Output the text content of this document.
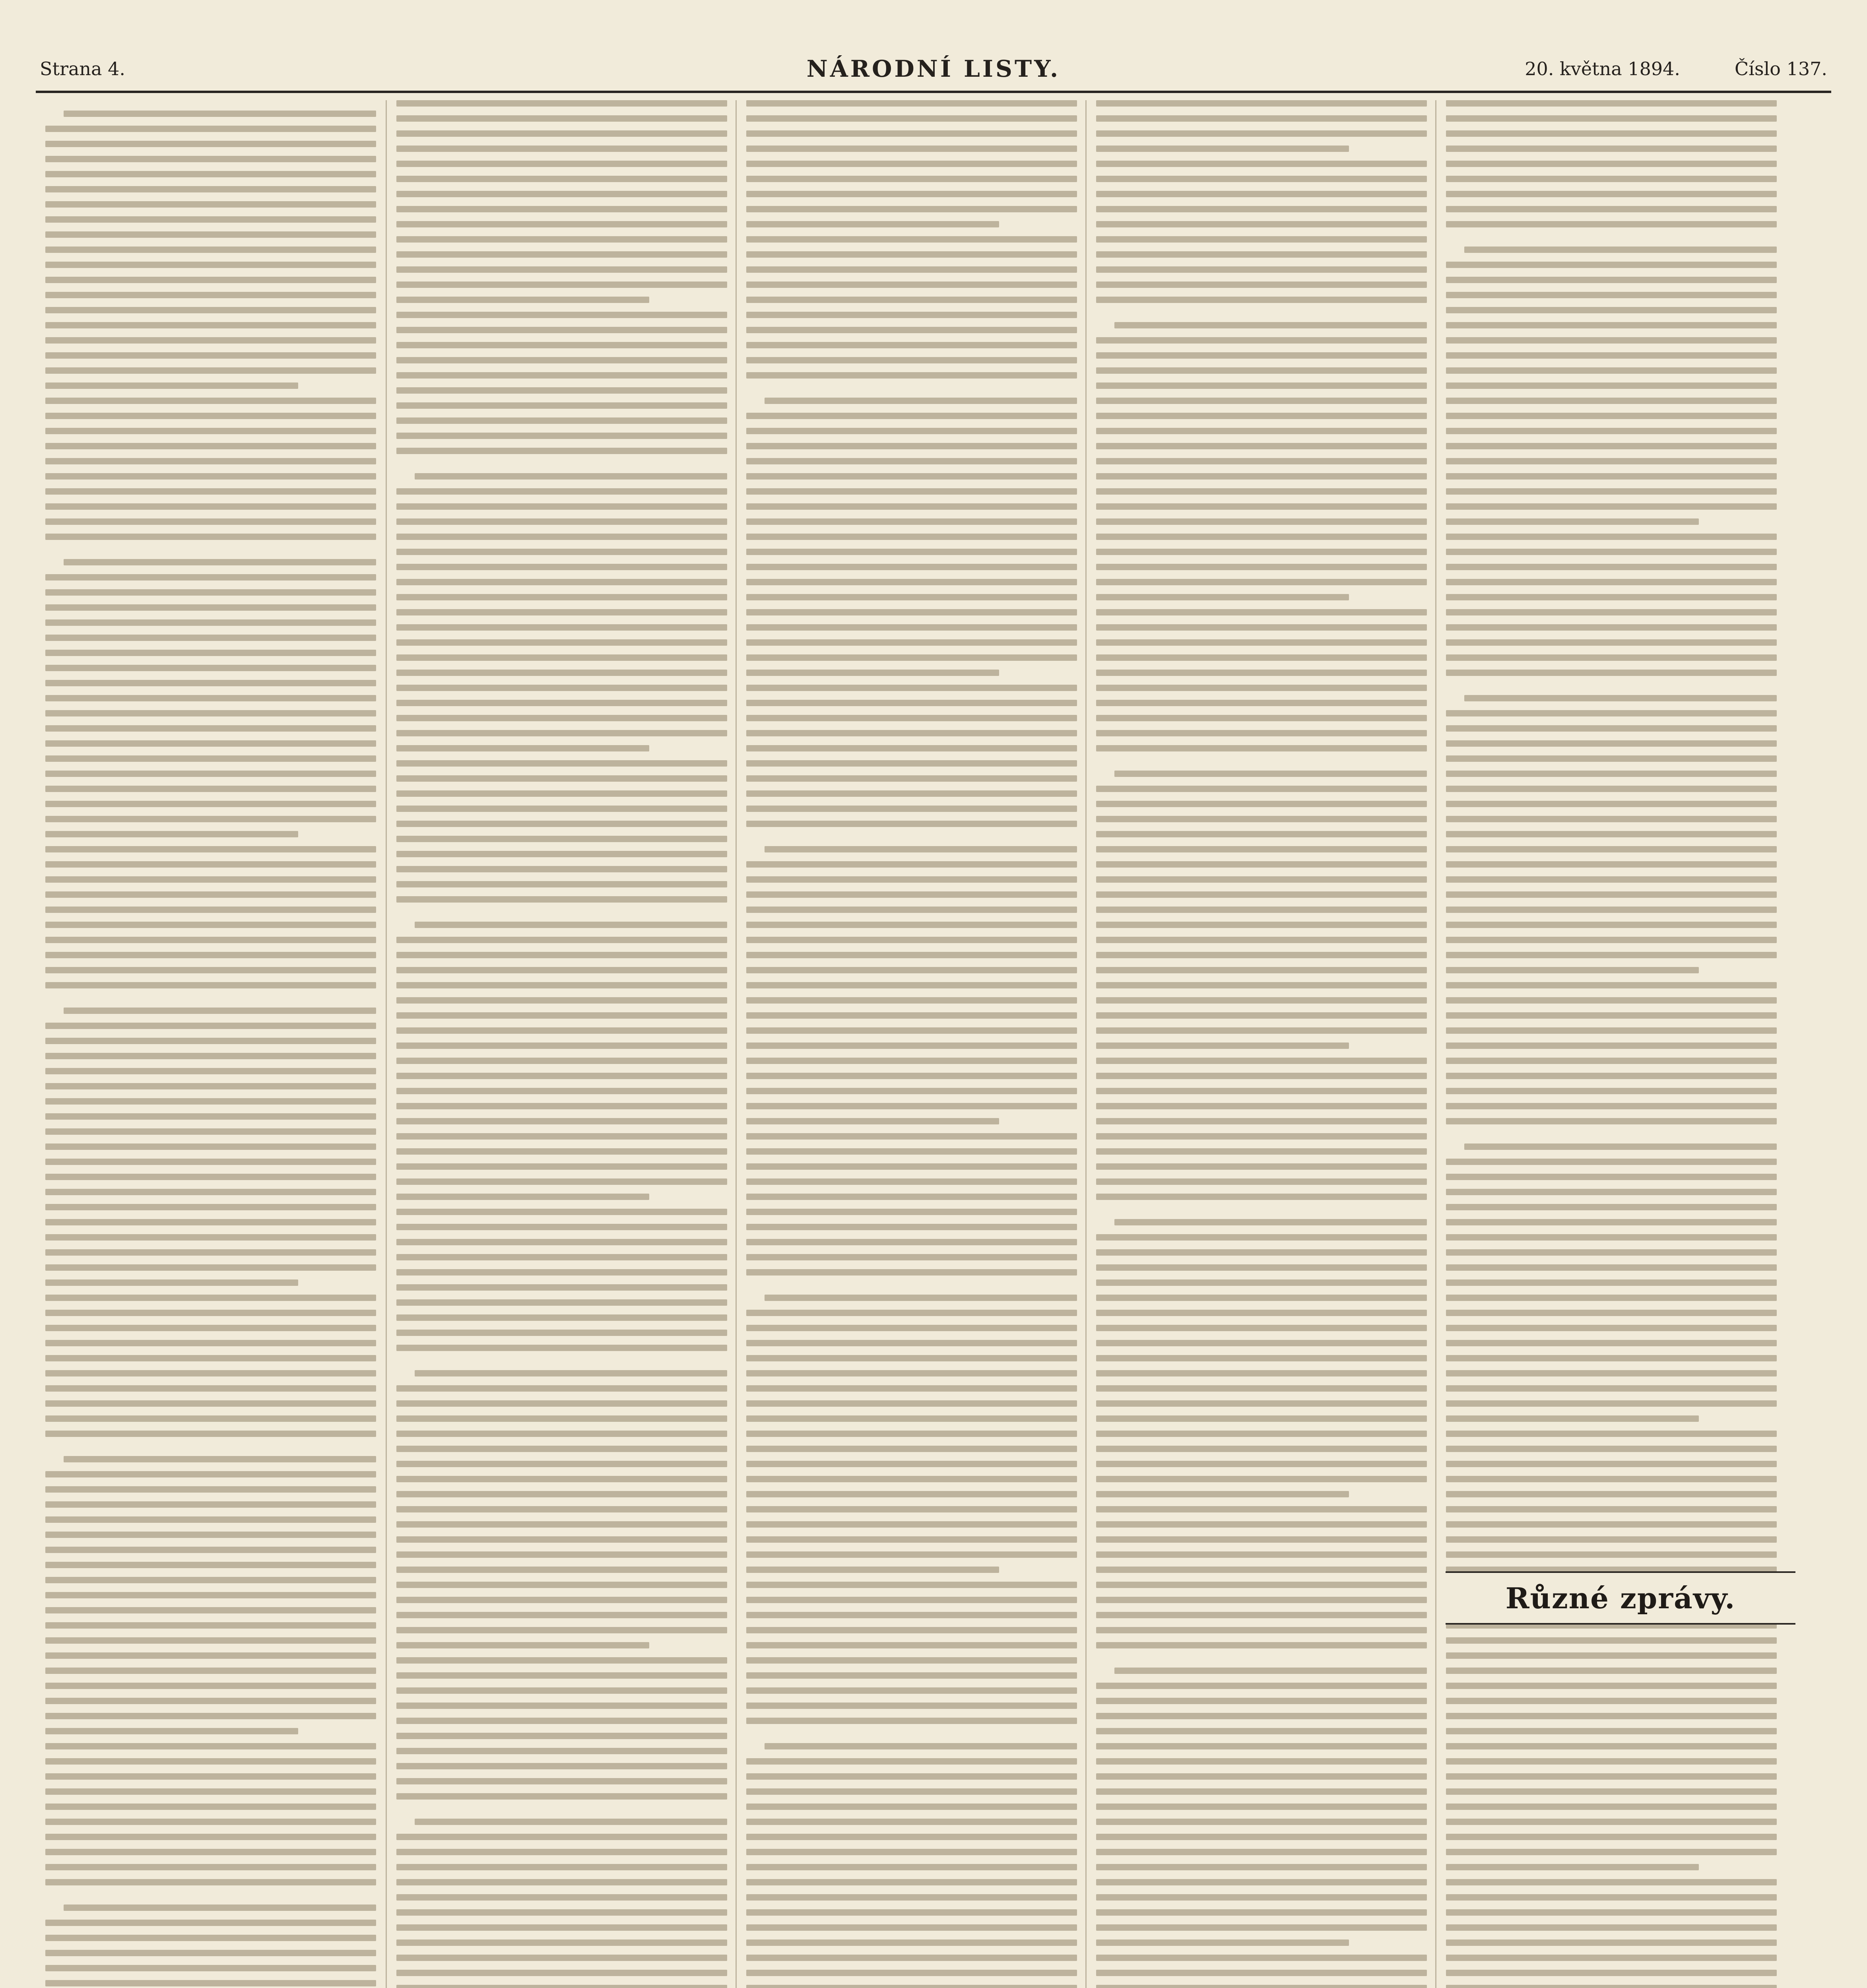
Strana 4.	NÁRODNÍ LISTY.	20. května 1894.	Číslo 137.
Různé zprávy.
